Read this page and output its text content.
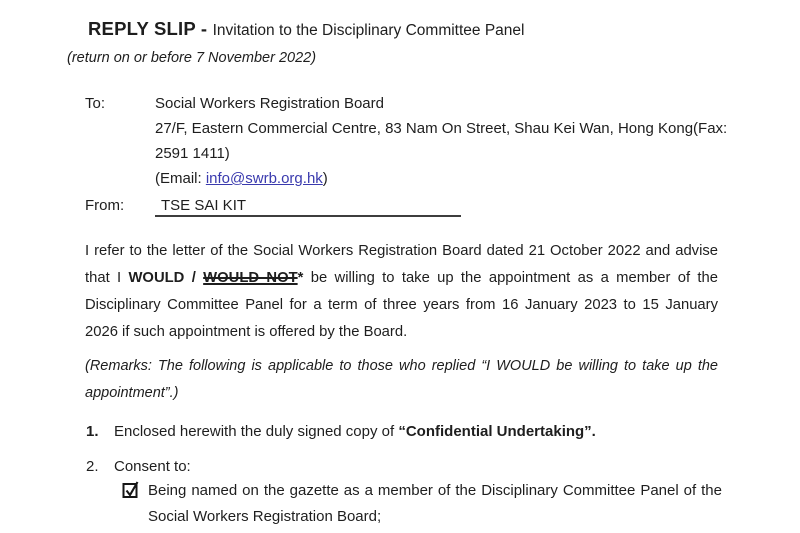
REPLY SLIP - Invitation to the Disciplinary Committee Panel
(return on or before 7 November 2022)
To:	Social Workers Registration Board
27/F, Eastern Commercial Centre, 83 Nam On Street, Shau Kei Wan, Hong Kong(Fax:
2591 1411)
(Email: info@swrb.org.hk)
From:	TSE SAI KIT

I refer to the letter of the Social Workers Registration Board dated 21 October 2022 and advise that I WOULD / WOULD NOT* be willing to take up the appointment as a member of the Disciplinary Committee Panel for a term of three years from 16 January 2023 to 15 January 2026 if such appointment is offered by the Board.

(Remarks: The following is applicable to those who replied “I WOULD be willing to take up the appointment”.)

1.	Enclosed herewith the duly signed copy of “Confidential Undertaking”.
2.	Consent to:
Being named on the gazette as a member of the Disciplinary Committee Panel of the Social Workers Registration Board;
